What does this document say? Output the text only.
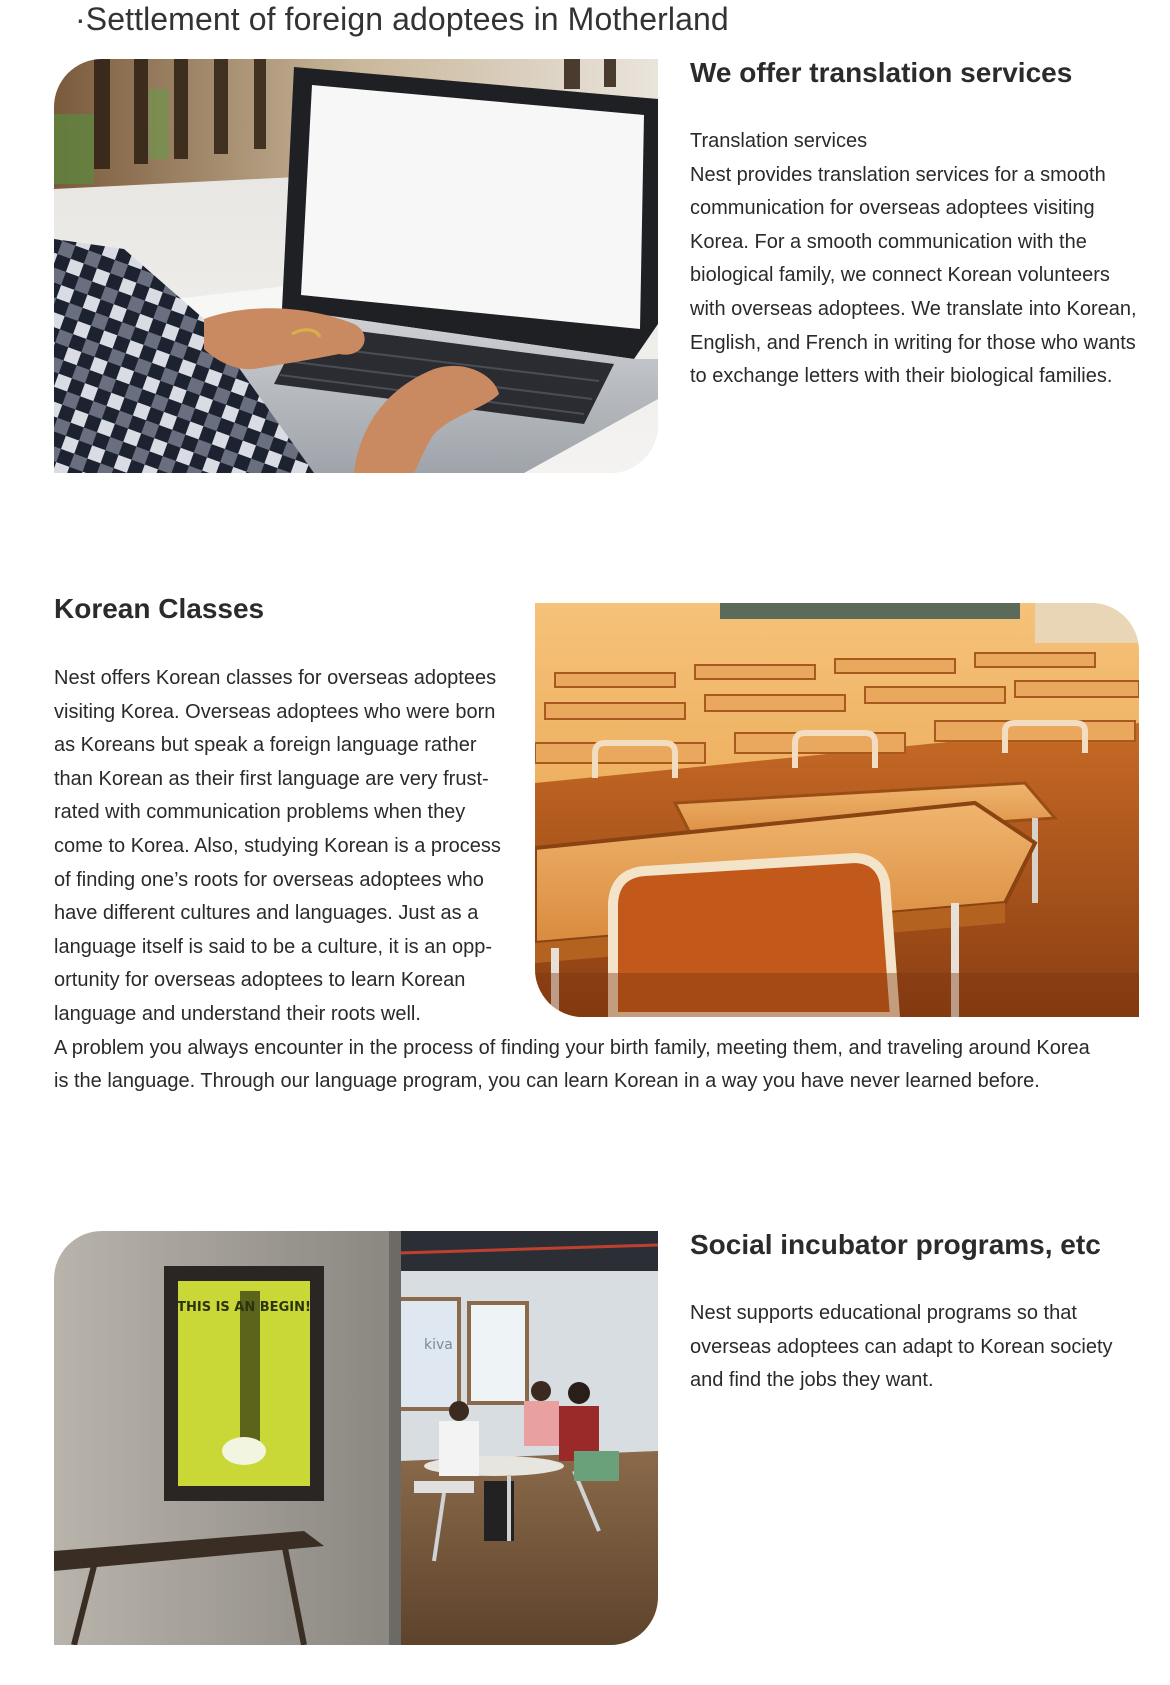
·Settlement of foreign adoptees in Motherland
We offer translation services
Translation services
Nest provides translation services for a smooth
communication for overseas adoptees visiting
Korea. For a smooth communication with the
biological family, we connect Korean volunteers
with overseas adoptees. We translate into Korean,
English, and French in writing for those who wants
to exchange letters with their biological families.
Korean Classes
Nest offers Korean classes for overseas adoptees
visiting Korea. Overseas adoptees who were born
as Koreans but speak a foreign language rather
than Korean as their first language are very frust-
rated with communication problems when they
come to Korea. Also, studying Korean is a process
of finding one’s roots for overseas adoptees who
have different cultures and languages. Just as a
language itself is said to be a culture, it is an opp-
ortunity for overseas adoptees to learn Korean
language and understand their roots well.
A problem you always encounter in the process of finding your birth family, meeting them, and traveling around Korea
is the language. Through our language program, you can learn Korean in a way you have never learned before.
kiva
THIS IS AN BEGIN!
Social incubator programs, etc
Nest supports educational programs so that
overseas adoptees can adapt to Korean society
and find the jobs they want.
